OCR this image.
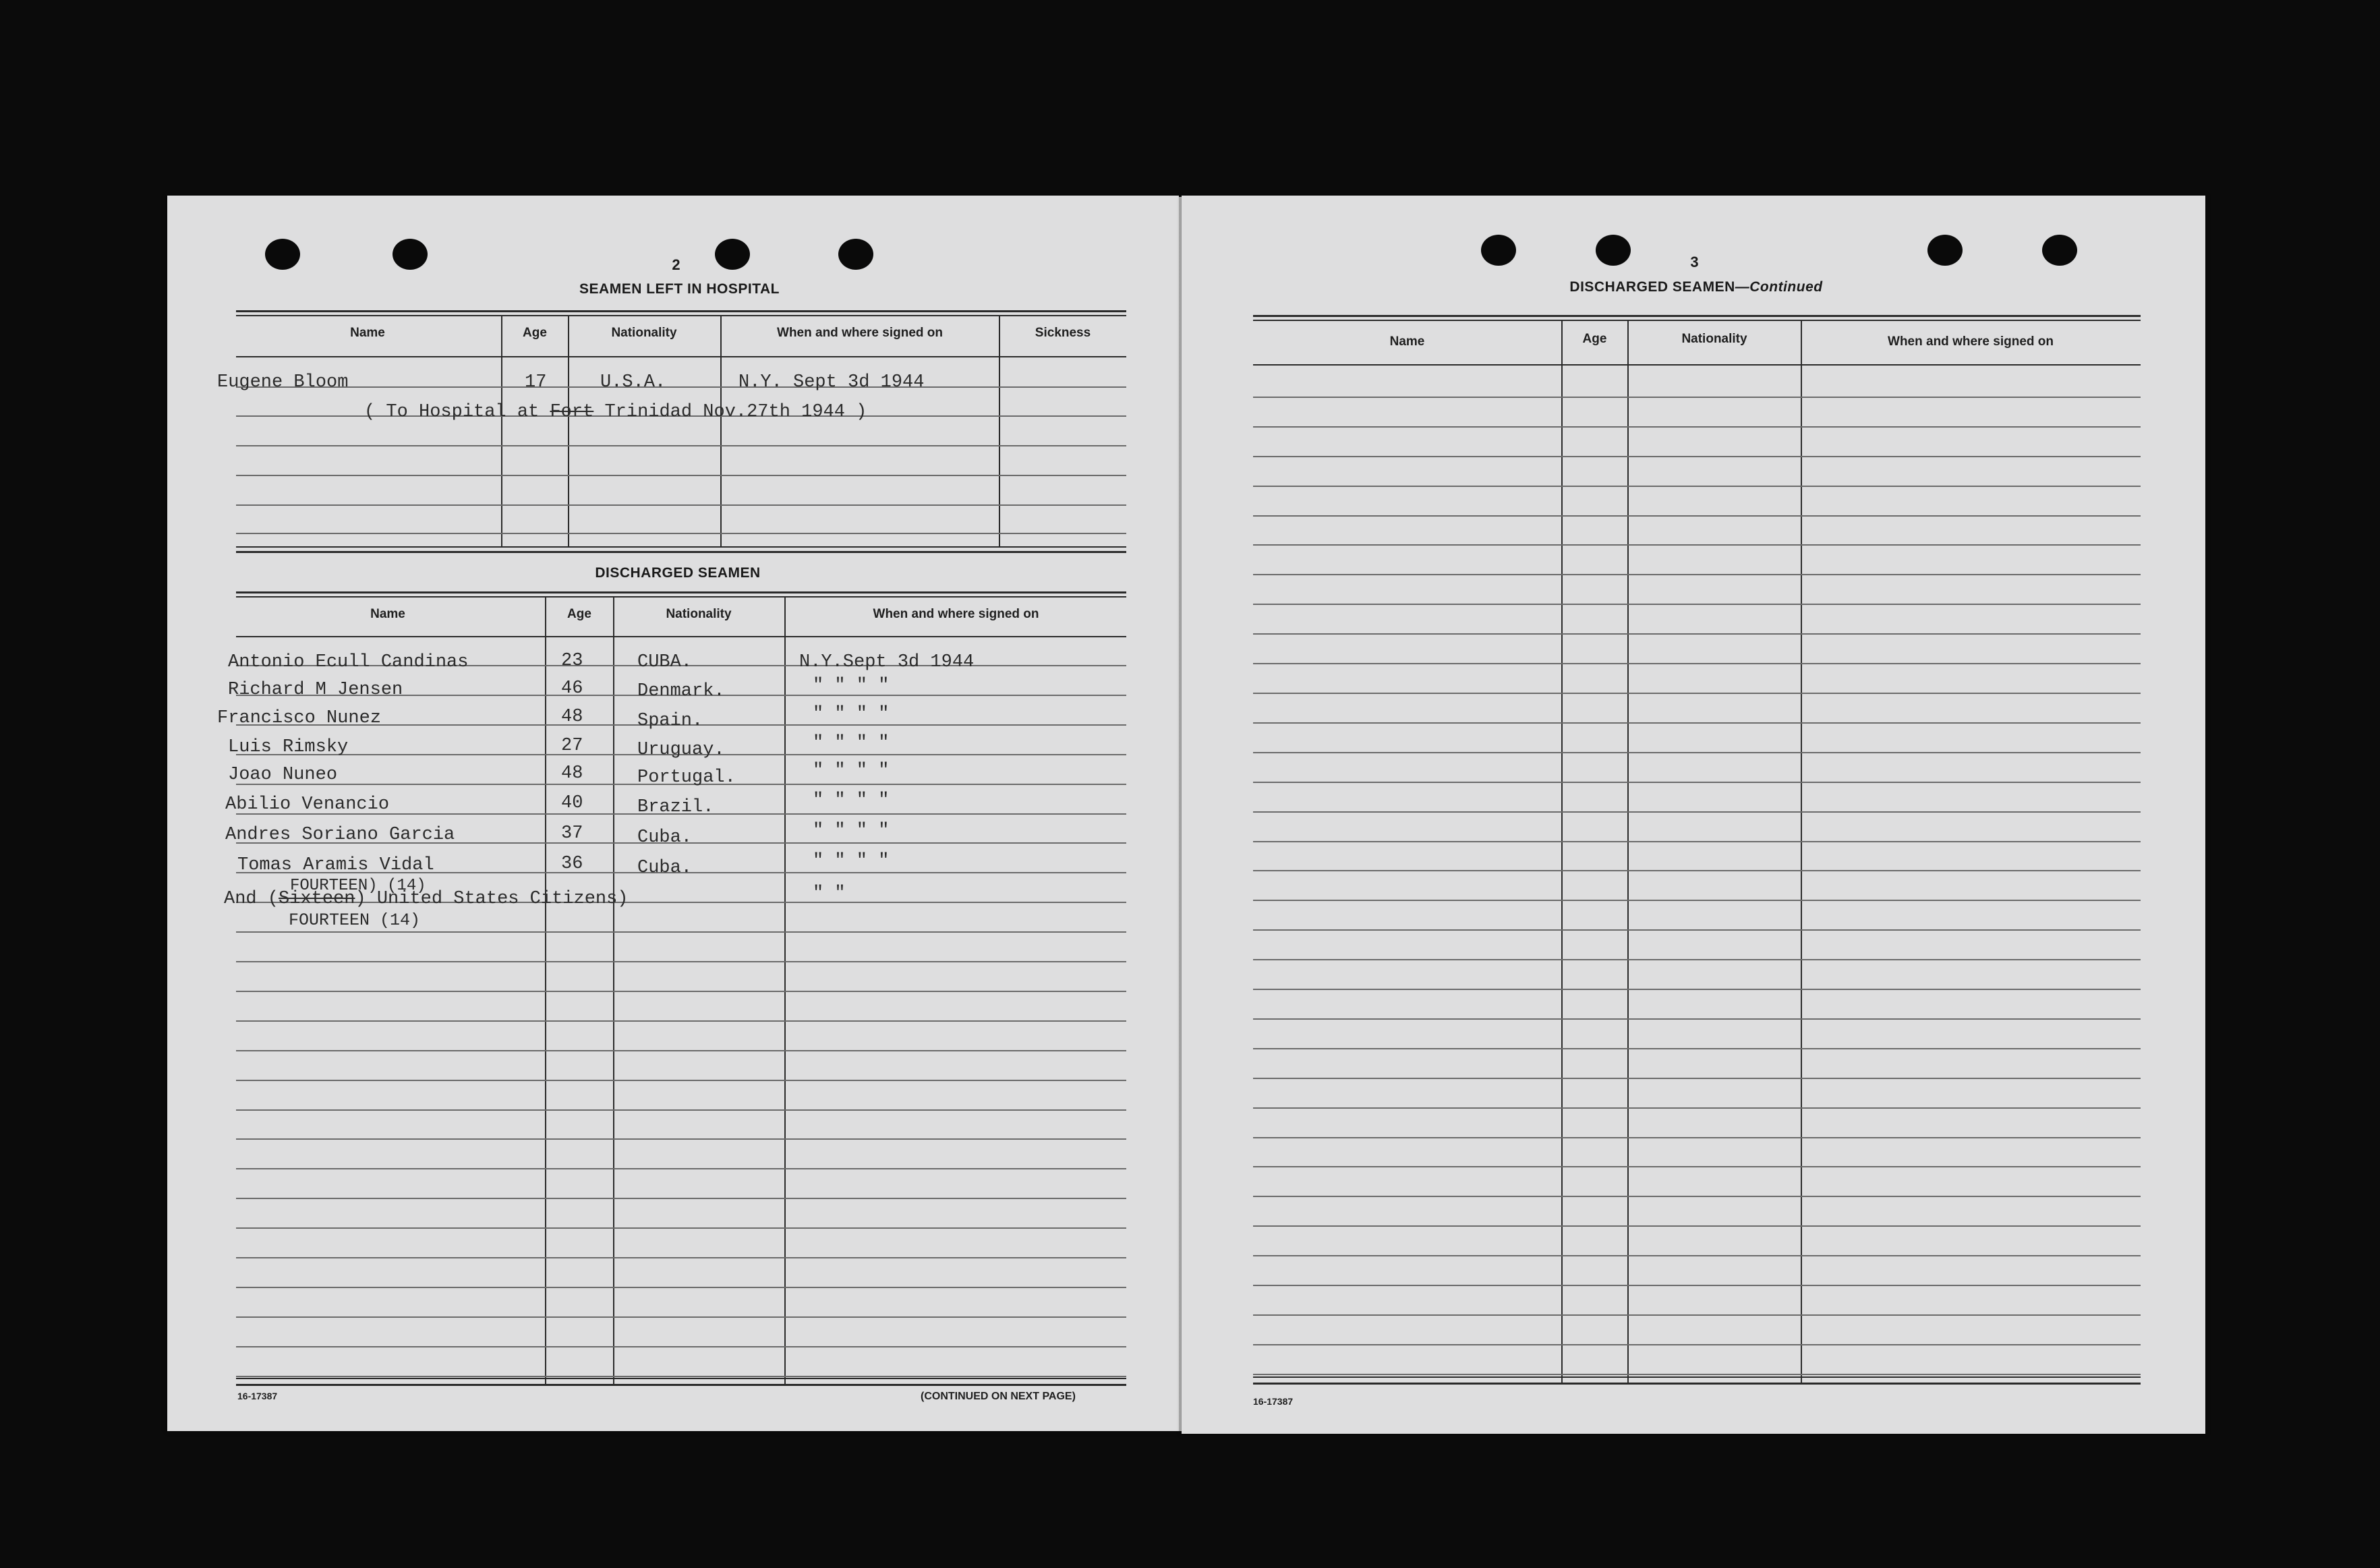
2
SEAMEN LEFT IN HOSPITAL
Name	Age	Nationality	When and where signed on	Sickness
Eugene Bloom	17	U.S.A.	N.Y. Sept 3d 1944
( To Hospital at Fort Trinidad Nov.27th 1944 )
DISCHARGED SEAMEN
Name	Age	Nationality	When and where signed on
Antonio Ecull Candinas	23	CUBA.	N.Y.Sept 3d 1944
Richard M Jensen	46	Denmark.	" " " "
Francisco Nunez	48	Spain.	" " " "
Luis Rimsky	27	Uruguay.	" " " "
Joao Nuneo	48	Portugal.	" " " "
Abilio Venancio	40	Brazil.	" " " "
Andres Soriano Garcia	37	Cuba.	" " " "
Tomas Aramis Vidal	36	Cuba.	" " " "
And (Sixteen) United States Citizens)
FOURTEEN) (14)	" "
FOURTEEN (14)
16-17387	(CONTINUED ON NEXT PAGE)
3
DISCHARGED SEAMEN—Continued
Name	Age	Nationality	When and where signed on
16-17387
